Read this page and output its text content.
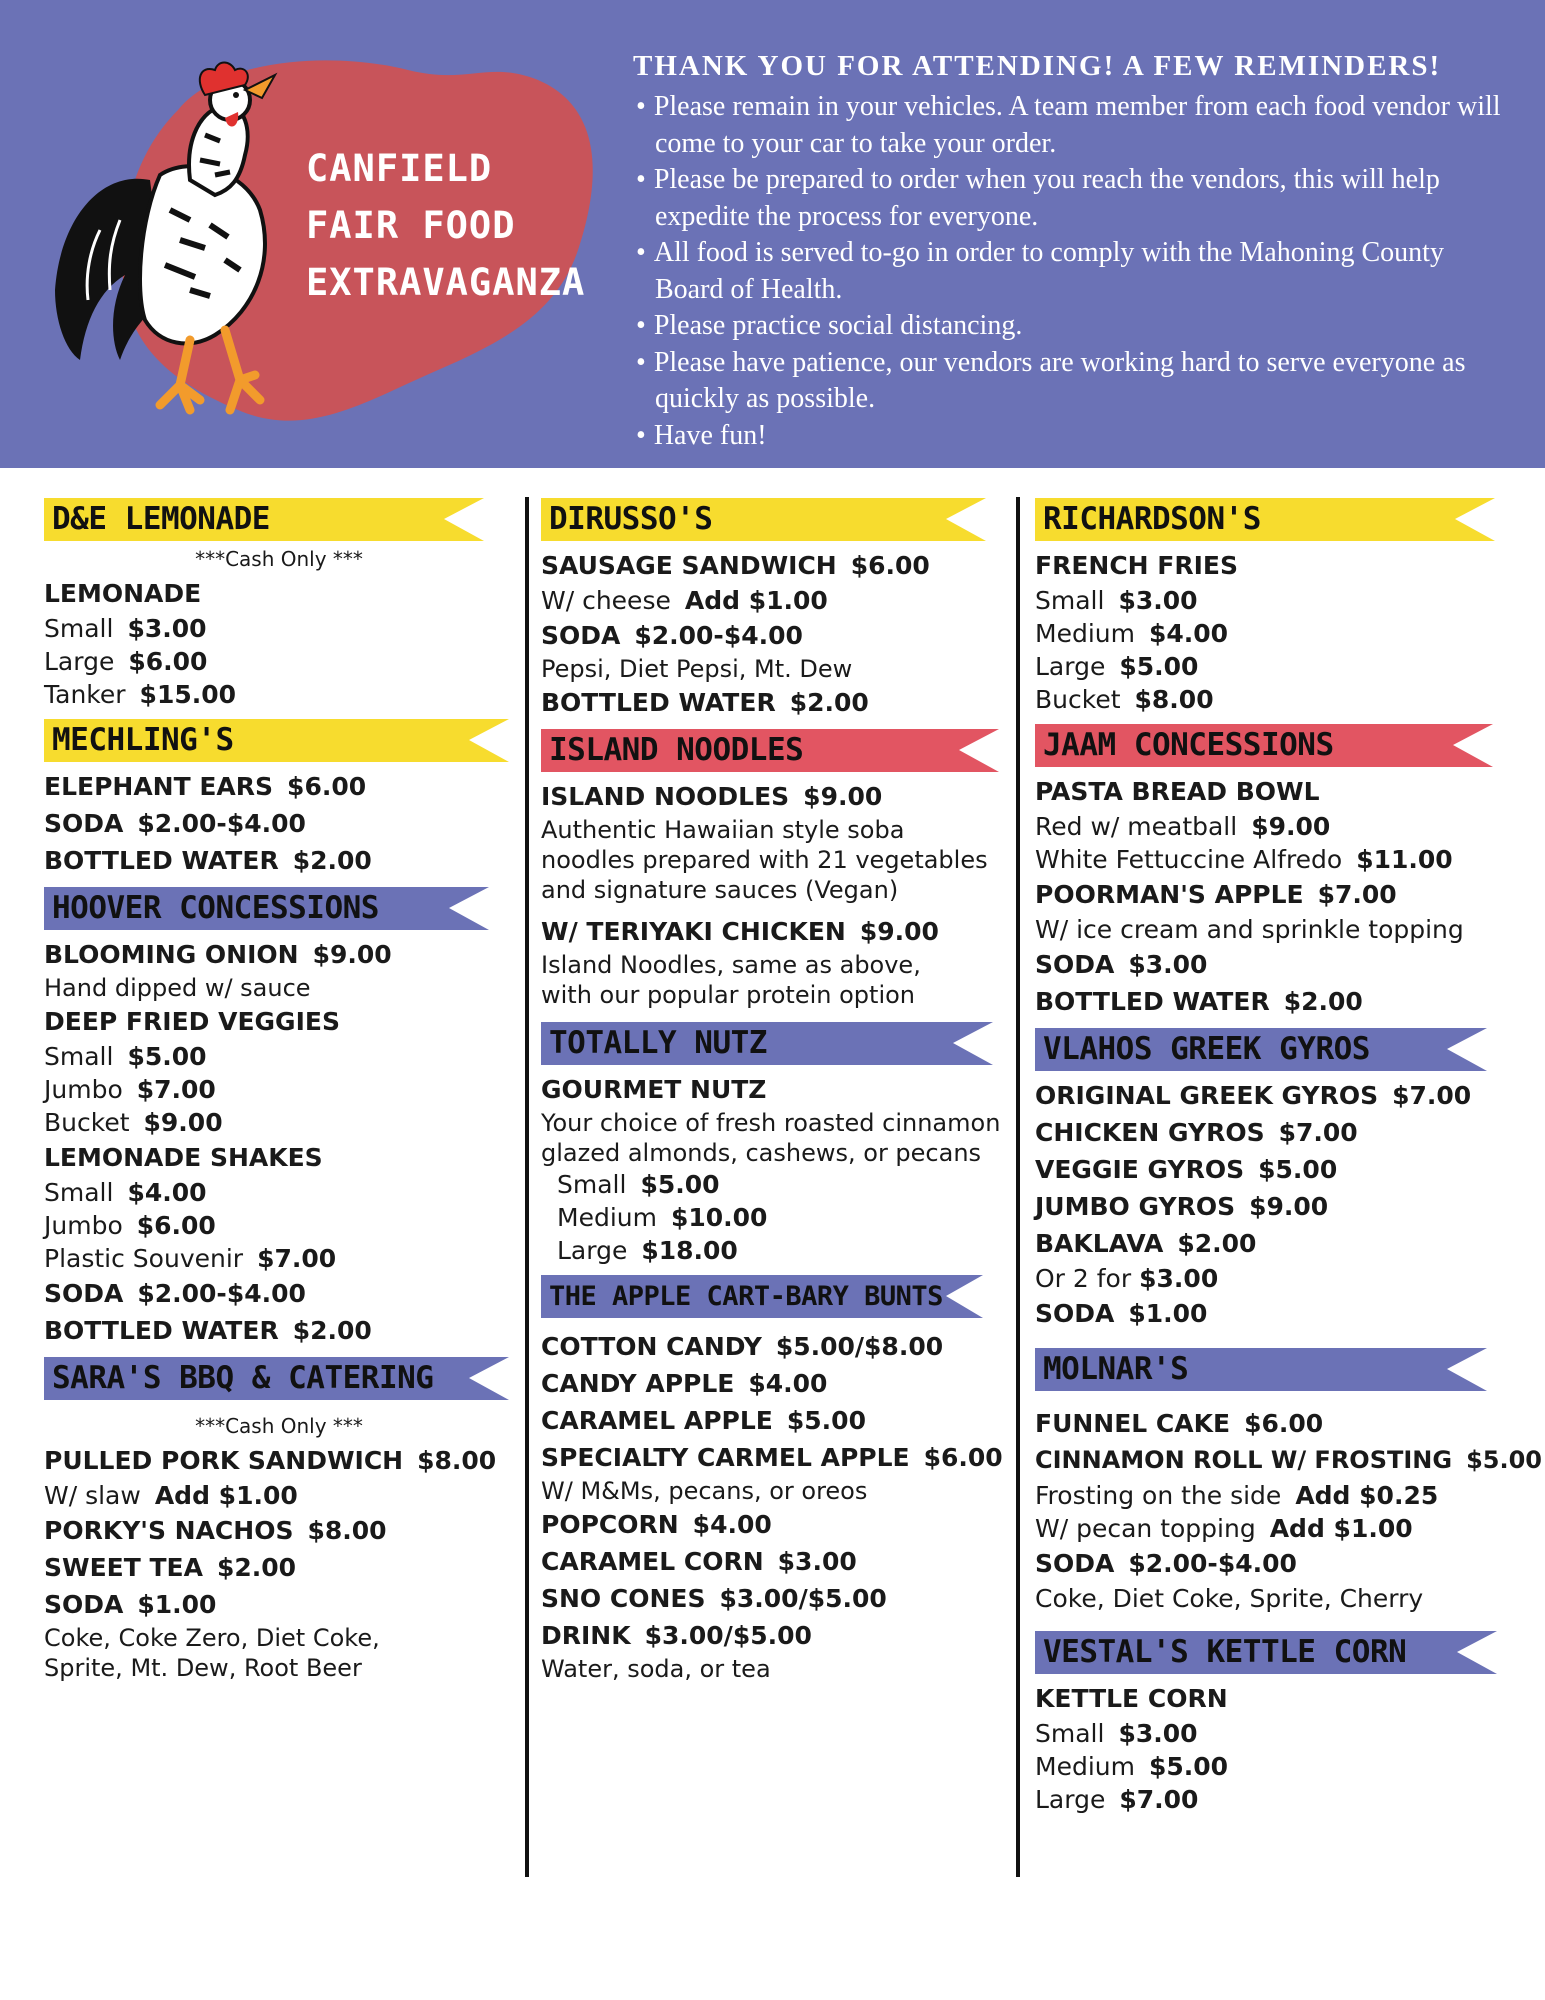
CANFIELD
FAIR FOOD
EXTRAVAGANZA
THANK YOU FOR ATTENDING! A FEW REMINDERS!
• Please remain in your vehicles. A team member from each food vendor will come to your car to take your order.
• Please be prepared to order when you reach the vendors, this will help expedite the process for everyone.
• All food is served to-go in order to comply with the Mahoning County Board of Health.
• Please practice social distancing.
• Please have patience, our vendors are working hard to serve everyone as quickly as possible.
• Have fun!
D&E LEMONADE
***Cash Only ***
LEMONADE
Small $3.00
Large $6.00
Tanker $15.00
MECHLING'S
ELEPHANT EARS $6.00
SODA $2.00-$4.00
BOTTLED WATER $2.00
HOOVER CONCESSIONS
BLOOMING ONION $9.00
Hand dipped w/ sauce
DEEP FRIED VEGGIES
Small $5.00
Jumbo $7.00
Bucket $9.00
LEMONADE SHAKES
Small $4.00
Jumbo $6.00
Plastic Souvenir $7.00
SODA $2.00-$4.00
BOTTLED WATER $2.00
SARA'S BBQ & CATERING
***Cash Only ***
PULLED PORK SANDWICH $8.00
W/ slaw Add $1.00
PORKY'S NACHOS $8.00
SWEET TEA $2.00
SODA $1.00
Coke, Coke Zero, Diet Coke,
Sprite, Mt. Dew, Root Beer
DIRUSSO'S
SAUSAGE SANDWICH $6.00
W/ cheese Add $1.00
SODA $2.00-$4.00
Pepsi, Diet Pepsi, Mt. Dew
BOTTLED WATER $2.00
ISLAND NOODLES
ISLAND NOODLES $9.00
Authentic Hawaiian style soba
noodles prepared with 21 vegetables
and signature sauces (Vegan)
W/ TERIYAKI CHICKEN $9.00
Island Noodles, same as above,
with our popular protein option
TOTALLY NUTZ
GOURMET NUTZ
Your choice of fresh roasted cinnamon
glazed almonds, cashews, or pecans
Small $5.00
Medium $10.00
Large $18.00
THE APPLE CART-BARY BUNTS
COTTON CANDY $5.00/$8.00
CANDY APPLE $4.00
CARAMEL APPLE $5.00
SPECIALTY CARMEL APPLE $6.00
W/ M&Ms, pecans, or oreos
POPCORN $4.00
CARAMEL CORN $3.00
SNO CONES $3.00/$5.00
DRINK $3.00/$5.00
Water, soda, or tea
RICHARDSON'S
FRENCH FRIES
Small $3.00
Medium $4.00
Large $5.00
Bucket $8.00
JAAM CONCESSIONS
PASTA BREAD BOWL
Red w/ meatball $9.00
White Fettuccine Alfredo $11.00
POORMAN'S APPLE $7.00
W/ ice cream and sprinkle topping
SODA $3.00
BOTTLED WATER $2.00
VLAHOS GREEK GYROS
ORIGINAL GREEK GYROS $7.00
CHICKEN GYROS $7.00
VEGGIE GYROS $5.00
JUMBO GYROS $9.00
BAKLAVA $2.00
Or 2 for $3.00
SODA $1.00
MOLNAR'S
FUNNEL CAKE $6.00
CINNAMON ROLL W/ FROSTING $5.00
Frosting on the side Add $0.25
W/ pecan topping Add $1.00
SODA $2.00-$4.00
Coke, Diet Coke, Sprite, Cherry
VESTAL'S KETTLE CORN
KETTLE CORN
Small $3.00
Medium $5.00
Large $7.00
